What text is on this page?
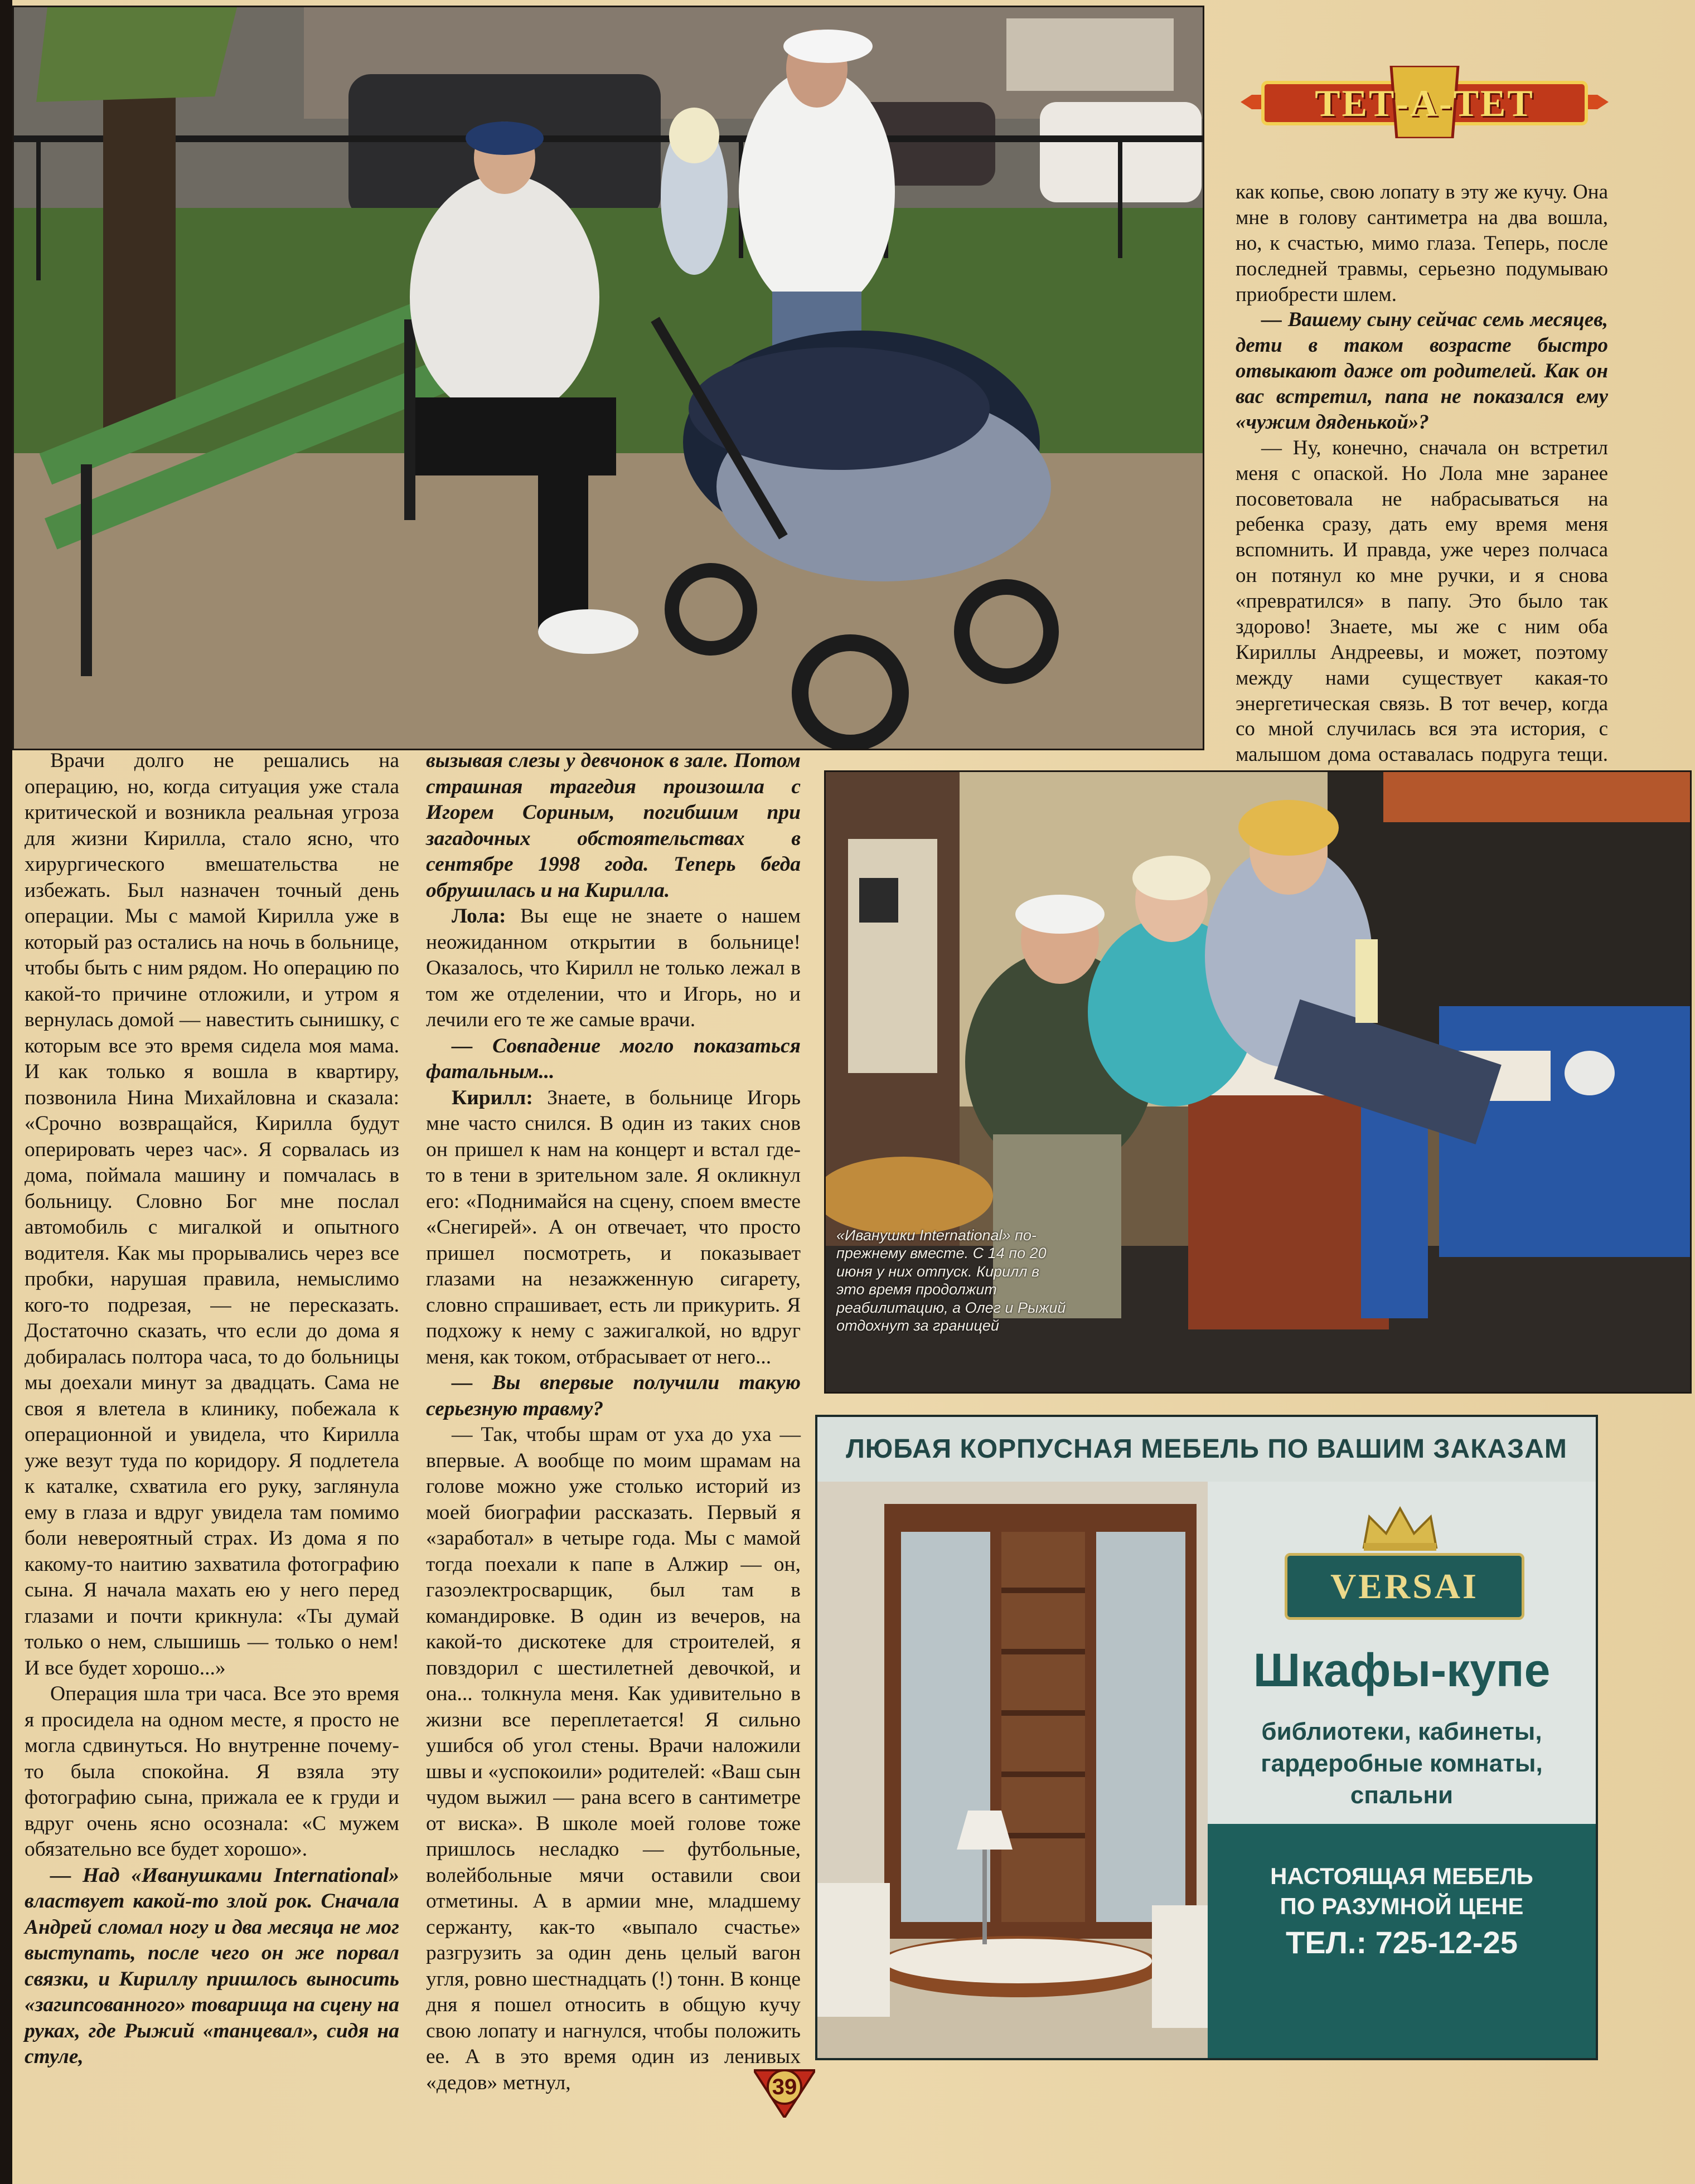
ТЕТ-А-ТЕТ

как копье, свою лопату в эту же кучу. Она мне в голову сантиметра на два вошла, но, к счастью, мимо глаза. Теперь, после последней травмы, серьезно подумываю приобрести шлем.

— Вашему сыну сейчас семь месяцев, дети в таком возрасте быстро отвыкают даже от родителей. Как он вас встретил, папа не показался ему «чужим дяденькой»?

— Ну, конечно, сначала он встретил меня с опаской. Но Лола мне заранее посоветовала не набрасываться на ребенка сразу, дать ему время меня вспомнить. И правда, уже через полчаса он потянул ко мне ручки, и я снова «превратился» в папу. Это было так здорово! Знаете, мы же с ним оба Кириллы Андреевы, и может, поэтому между нами существует какая-то энергетическая связь. В тот вечер, когда со мной случилась вся эта история, с малышом дома оставалась подруга тещи.

Врачи долго не решались на операцию, но, когда ситуация уже стала критической и возникла реальная угроза для жизни Кирилла, стало ясно, что хирургического вмешательства не избежать. Был назначен точный день операции. Мы с мамой Кирилла уже в который раз остались на ночь в больнице, чтобы быть с ним рядом. Но операцию по какой-то причине отложили, и утром я вернулась домой — навестить сынишку, с которым все это время сидела моя мама. И как только я вошла в квартиру, позвонила Нина Михайловна и сказала: «Срочно возвращайся, Кирилла будут оперировать через час». Я сорвалась из дома, поймала машину и помчалась в больницу. Словно Бог мне послал автомобиль с мигалкой и опытного водителя. Как мы прорывались через все пробки, нарушая правила, немыслимо кого-то подрезая, — не пересказать. Достаточно сказать, что если до дома я добиралась полтора часа, то до больницы мы доехали минут за двадцать. Сама не своя я влетела в клинику, побежала к операционной и увидела, что Кирилла уже везут туда по коридору. Я подлетела к каталке, схватила его руку, заглянула ему в глаза и вдруг увидела там помимо боли невероятный страх. Из дома я по какому-то наитию захватила фотографию сына. Я начала махать ею у него перед глазами и почти крикнула: «Ты думай только о нем, слышишь — только о нем! И все будет хорошо...»

Операция шла три часа. Все это время я просидела на одном месте, я просто не могла сдвинуться. Но внутренне почему-то была спокойна. Я взяла эту фотографию сына, прижала ее к груди и вдруг очень ясно осознала: «С мужем обязательно все будет хорошо».

— Над «Иванушками International» властвует какой-то злой рок. Сначала Андрей сломал ногу и два месяца не мог выступать, после чего он же порвал связки, и Кириллу пришлось выносить «загипсованного» товарища на сцену на руках, где Рыжий «танцевал», сидя на стуле,

вызывая слезы у девчонок в зале. Потом страшная трагедия произошла с Игорем Сориным, погибшим при загадочных обстоятельствах в сентябре 1998 года. Теперь беда обрушилась и на Кирилла.

Лола: Вы еще не знаете о нашем неожиданном открытии в больнице! Оказалось, что Кирилл не только лежал в том же отделении, что и Игорь, но и лечили его те же самые врачи.

— Совпадение могло показаться фатальным...

Кирилл: Знаете, в больнице Игорь мне часто снился. В один из таких снов он пришел к нам на концерт и встал где-то в тени в зрительном зале. Я окликнул его: «Поднимайся на сцену, споем вместе «Снегирей». А он отвечает, что просто пришел посмотреть, и показывает глазами на незажженную сигарету, словно спрашивает, есть ли прикурить. Я подхожу к нему с зажигалкой, но вдруг меня, как током, отбрасывает от него...

— Вы впервые получили такую серьезную травму?

— Так, чтобы шрам от уха до уха — впервые. А вообще по моим шрамам на голове можно уже столько историй из моей биографии рассказать. Первый я «заработал» в четыре года. Мы с мамой тогда поехали к папе в Алжир — он, газоэлектросварщик, был там в командировке. В один из вечеров, на какой-то дискотеке для строителей, я повздорил с шестилетней девочкой, и она... толкнула меня. Как удивительно в жизни все переплетается! Я сильно ушибся об угол стены. Врачи наложили швы и «успокоили» родителей: «Ваш сын чудом выжил — рана всего в сантиметре от виска». В школе моей голове тоже пришлось несладко — футбольные, волейбольные мячи оставили свои отметины. А в армии мне, младшему сержанту, как-то «выпало счастье» разгрузить за один день целый вагон угля, ровно шестнадцать (!) тонн. В конце дня я пошел относить в общую кучу свою лопату и нагнулся, чтобы положить ее. А в это время один из ленивых «дедов» метнул,

«Иванушки International» по-прежнему вместе. С 14 по 20 июня у них отпуск. Кирилл в это время продолжит реабилитацию, а Олег и Рыжий отдохнут за границей
ЛЮБАЯ КОРПУСНАЯ МЕБЕЛЬ ПО ВАШИМ ЗАКАЗАМ
VERSAI
Шкафы-купе
библиотеки, кабинеты, гардеробные комнаты, спальни
НАСТОЯЩАЯ МЕБЕЛЬ
ПО РАЗУМНОЙ ЦЕНЕ
ТЕЛ.: 725-12-25
39
